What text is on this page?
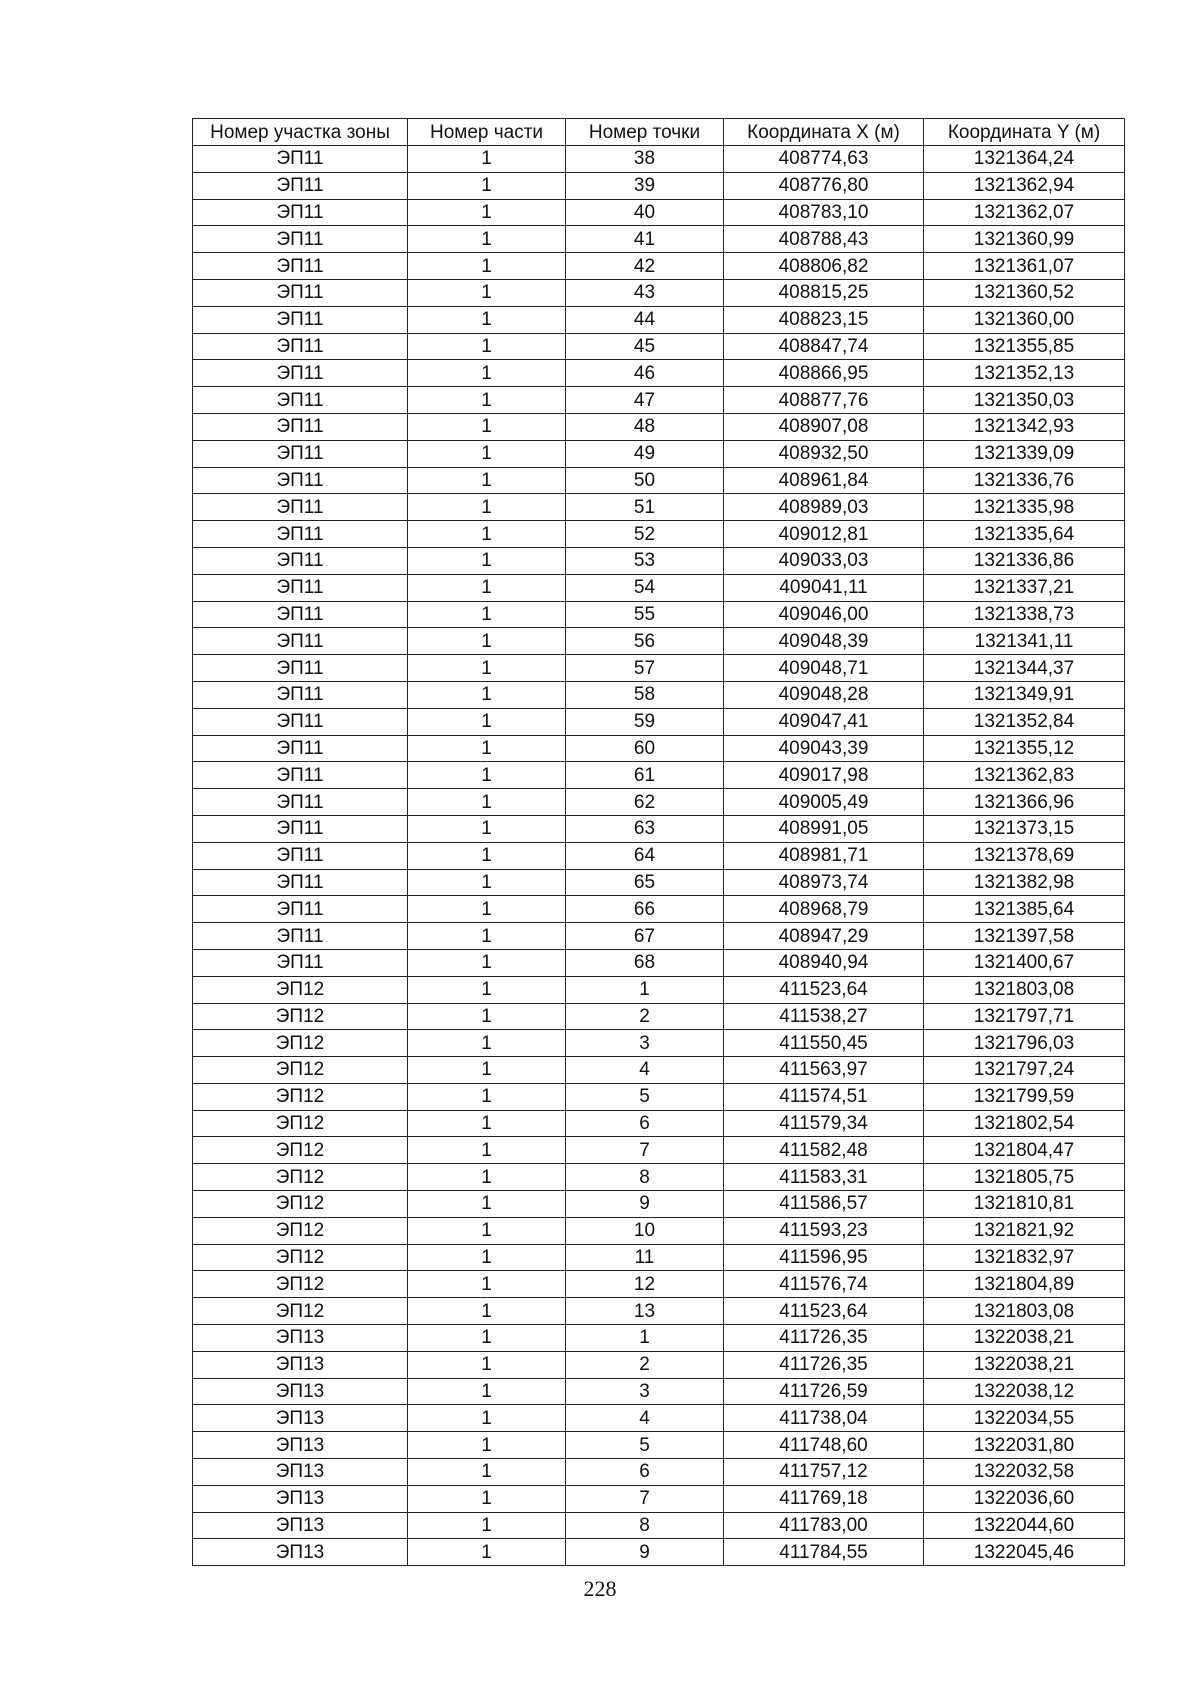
Номер участка зоны	Номер части	Номер точки	Координата X (м)	Координата Y (м)
ЭП11	1	38	408774,63	1321364,24
ЭП11	1	39	408776,80	1321362,94
ЭП11	1	40	408783,10	1321362,07
ЭП11	1	41	408788,43	1321360,99
ЭП11	1	42	408806,82	1321361,07
ЭП11	1	43	408815,25	1321360,52
ЭП11	1	44	408823,15	1321360,00
ЭП11	1	45	408847,74	1321355,85
ЭП11	1	46	408866,95	1321352,13
ЭП11	1	47	408877,76	1321350,03
ЭП11	1	48	408907,08	1321342,93
ЭП11	1	49	408932,50	1321339,09
ЭП11	1	50	408961,84	1321336,76
ЭП11	1	51	408989,03	1321335,98
ЭП11	1	52	409012,81	1321335,64
ЭП11	1	53	409033,03	1321336,86
ЭП11	1	54	409041,11	1321337,21
ЭП11	1	55	409046,00	1321338,73
ЭП11	1	56	409048,39	1321341,11
ЭП11	1	57	409048,71	1321344,37
ЭП11	1	58	409048,28	1321349,91
ЭП11	1	59	409047,41	1321352,84
ЭП11	1	60	409043,39	1321355,12
ЭП11	1	61	409017,98	1321362,83
ЭП11	1	62	409005,49	1321366,96
ЭП11	1	63	408991,05	1321373,15
ЭП11	1	64	408981,71	1321378,69
ЭП11	1	65	408973,74	1321382,98
ЭП11	1	66	408968,79	1321385,64
ЭП11	1	67	408947,29	1321397,58
ЭП11	1	68	408940,94	1321400,67
ЭП12	1	1	411523,64	1321803,08
ЭП12	1	2	411538,27	1321797,71
ЭП12	1	3	411550,45	1321796,03
ЭП12	1	4	411563,97	1321797,24
ЭП12	1	5	411574,51	1321799,59
ЭП12	1	6	411579,34	1321802,54
ЭП12	1	7	411582,48	1321804,47
ЭП12	1	8	411583,31	1321805,75
ЭП12	1	9	411586,57	1321810,81
ЭП12	1	10	411593,23	1321821,92
ЭП12	1	11	411596,95	1321832,97
ЭП12	1	12	411576,74	1321804,89
ЭП12	1	13	411523,64	1321803,08
ЭП13	1	1	411726,35	1322038,21
ЭП13	1	2	411726,35	1322038,21
ЭП13	1	3	411726,59	1322038,12
ЭП13	1	4	411738,04	1322034,55
ЭП13	1	5	411748,60	1322031,80
ЭП13	1	6	411757,12	1322032,58
ЭП13	1	7	411769,18	1322036,60
ЭП13	1	8	411783,00	1322044,60
ЭП13	1	9	411784,55	1322045,46
228
